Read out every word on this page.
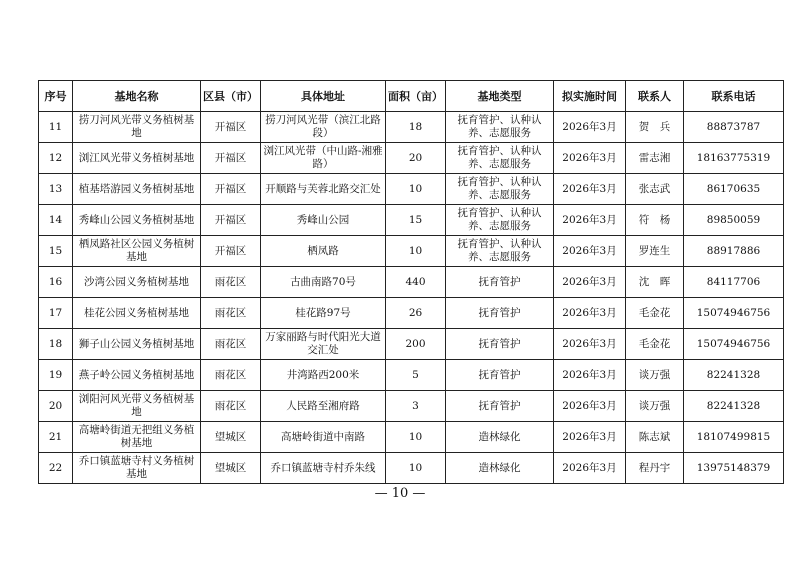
序号	基地名称	区县（市）	具体地址	面积（亩）	基地类型	拟实施时间	联系人	联系电话
11	捞刀河风光带义务植树基地	开福区	捞刀河风光带（滨江北路段）	18	抚育管护、认种认养、志愿服务	2026年3月	贺　兵	88873787
12	浏江风光带义务植树基地	开福区	浏江风光带（中山路-湘雅路）	20	抚育管护、认种认养、志愿服务	2026年3月	雷志湘	18163775319
13	植基塔游园义务植树基地	开福区	开顺路与芙蓉北路交汇处	10	抚育管护、认种认养、志愿服务	2026年3月	张志武	86170635
14	秀峰山公园义务植树基地	开福区	秀峰山公园	15	抚育管护、认种认养、志愿服务	2026年3月	符　杨	89850059
15	栖凤路社区公园义务植树基地	开福区	栖凤路	10	抚育管护、认种认养、志愿服务	2026年3月	罗连生	88917886
16	沙湾公园义务植树基地	雨花区	古曲南路70号	440	抚育管护	2026年3月	沈　晖	84117706
17	桂花公园义务植树基地	雨花区	桂花路97号	26	抚育管护	2026年3月	毛金花	15074946756
18	狮子山公园义务植树基地	雨花区	万家丽路与时代阳光大道交汇处	200	抚育管护	2026年3月	毛金花	15074946756
19	燕子岭公园义务植树基地	雨花区	井湾路西200米	5	抚育管护	2026年3月	谈万强	82241328
20	浏阳河风光带义务植树基地	雨花区	人民路至湘府路	3	抚育管护	2026年3月	谈万强	82241328
21	高塘岭街道无把组义务植树基地	望城区	高塘岭街道中南路	10	造林绿化	2026年3月	陈志斌	18107499815
22	乔口镇蓝塘寺村义务植树基地	望城区	乔口镇蓝塘寺村乔朱线	10	造林绿化	2026年3月	程丹宇	13975148379
— 10 —
